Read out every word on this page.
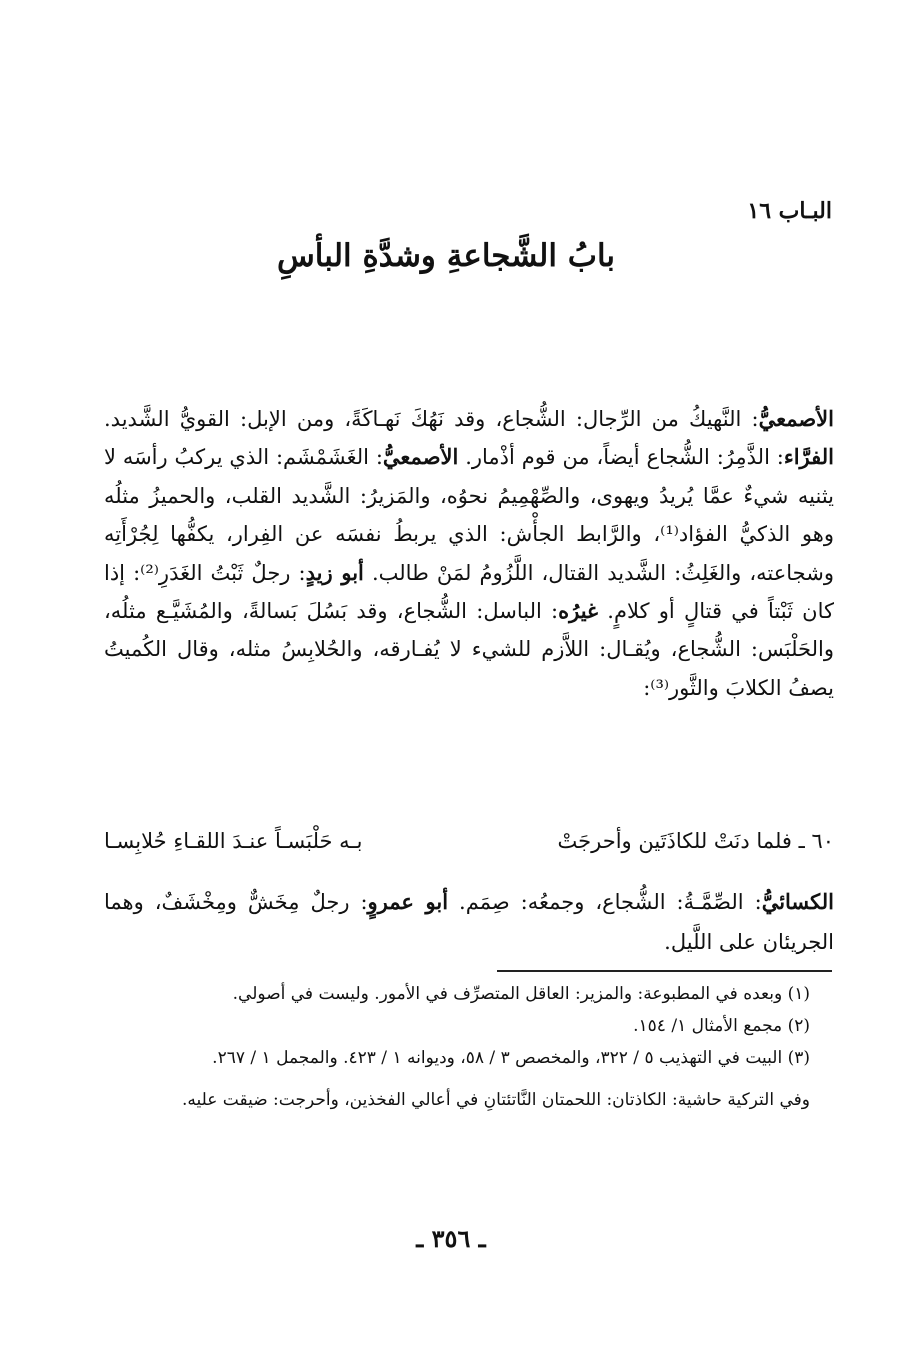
البـاب ١٦
بابُ الشَّجاعةِ وشدَّةِ البأسِ

الأصمعيُّ: النَّهيكُ من الرِّجال: الشُّجاع، وقد نَهُكَ نَهـاكَةً، ومن الإبل: القويُّ الشَّديد. الفرَّاء: الذَّمِرُ: الشُّجاع أيضاً، من قوم أذْمار. الأصمعيُّ: الغَشَمْشَم: الذي يركبُ رأسَه لا يثنيه شيءٌ عمَّا يُريدُ ويهوى، والصِّهْمِيمُ نحوُه، والمَزيرُ: الشَّديد القلب، والحميزُ مثلُه وهو الذكيُّ الفؤاد⁽¹⁾، والرَّابط الجأْش: الذي يربطُ نفسَه عن الفِرار، يكفُّها لِجُرْأَتِه وشجاعته، والغَلِثُ: الشَّديد القتال، اللَّزُومُ لمَنْ طالب. أبو زيدٍ: رجلٌ ثَبْتُ الغَدَرِ⁽²⁾: إذا كان ثَبْتاً في قتالٍ أو كلامٍ. غيرُه: الباسل: الشُّجاع، وقد بَسُلَ بَسالةً، والمُشَيَّـع مثلُه، والحَلْبَس: الشُّجاع، ويُقـال: اللاَّزم للشيء لا يُفـارقه، والحُلابِسُ مثله، وقال الكُميتُ يصفُ الكلابَ والثَّور⁽³⁾:

٦٠ ـ فلما دنَتْ للكاذَتَين وأحرجَتْ
بـه حَلْبَسـاً عنـدَ اللقـاءِ حُلابِسـا
الكسائيُّ: الصِّمَّـةُ: الشُّجاع، وجمعُه: صِمَم. أبو عمروٍ: رجلٌ مِخَشٌّ ومِخْشَفٌ، وهما الجريئان على اللَّيل.

(١) وبعده في المطبوعة: والمزير: العاقل المتصرِّف في الأمور. وليست في أصولي.

(٢) مجمع الأمثال ١/ ١٥٤.

(٣) البيت في التهذيب ٥ / ٣٢٢، والمخصص ٣ / ٥٨، وديوانه ١ / ٤٢٣. والمجمل ١ / ٢٦٧.

وفي التركية حاشية: الكاذتان: اللحمتان النَّاتئتانِ في أعالي الفخذين، وأحرجت: ضيقت عليه.

ـ ٣٥٦ ـ
